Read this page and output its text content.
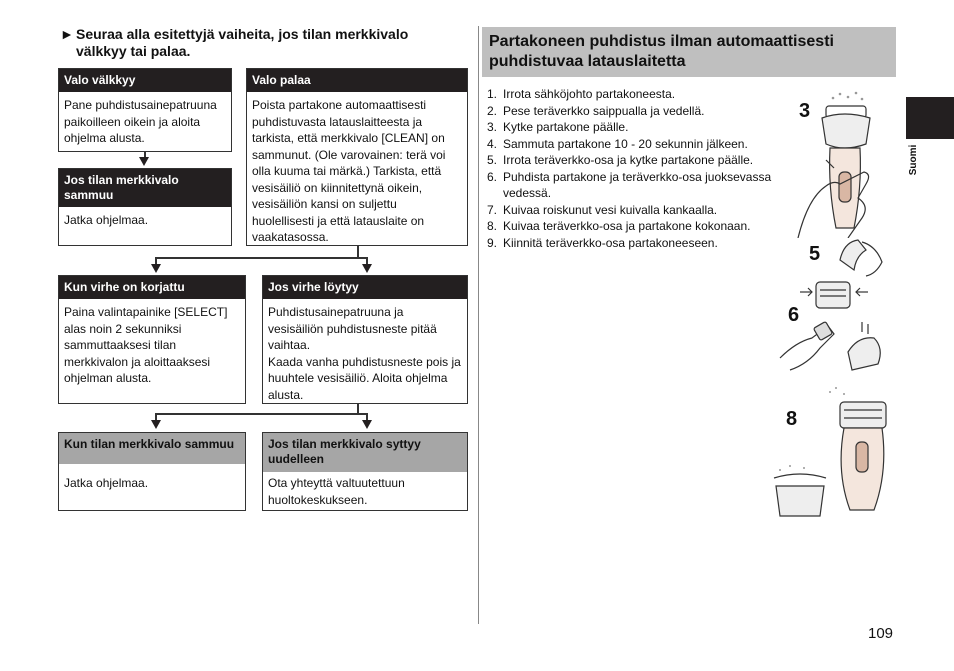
► Seuraa alla esitettyjä vaiheita, jos tilan merkkivalo välkkyy tai palaa.
Valo välkkyy
Pane puhdistusainepatruuna paikoilleen oikein ja aloita ohjelma alusta.
Valo palaa
Poista partakone automaattisesti puhdistuvasta latauslaitteesta ja tarkista, että merkkivalo [CLEAN] on sammunut. (Ole varovainen: terä voi olla kuuma tai märkä.) Tarkista, että vesisäiliö on kiinnitettynä oikein, vesisäiliön kansi on suljettu huolellisesti ja että latauslaite on vaakatasossa.
Jos tilan merkkivalo sammuu
Jatka ohjelmaa.
Kun virhe on korjattu
Paina valintapainike [SELECT] alas noin 2 sekunniksi sammuttaaksesi tilan merkkivalon ja aloittaaksesi ohjelman alusta.
Jos virhe löytyy
Puhdistusainepatruuna ja vesisäiliön puhdistusneste pitää vaihtaa.
Kaada vanha puhdistusneste pois ja huuhtele vesisäiliö. Aloita ohjelma alusta.
Kun tilan merkkivalo sammuu
Jatka ohjelmaa.
Jos tilan merkkivalo syttyy uudelleen
Ota yhteyttä valtuutettuun huoltokeskukseen.
Partakoneen puhdistus ilman automaattisesti puhdistuvaa latauslaitetta
1. Irrota sähköjohto partakoneesta.
2. Pese teräverkko saippualla ja vedellä.
3. Kytke partakone päälle.
4. Sammuta partakone 10 - 20 sekunnin jälkeen.
5. Irrota teräverkko-osa ja kytke partakone päälle.
6. Puhdista partakone ja teräverkko-osa juoksevassa vedessä.
7. Kuivaa roiskunut vesi kuivalla kankaalla.
8. Kuivaa teräverkko-osa ja partakone kokonaan.
9. Kiinnitä teräverkko-osa partakoneeseen.
3
5
6
8
Suomi
109
